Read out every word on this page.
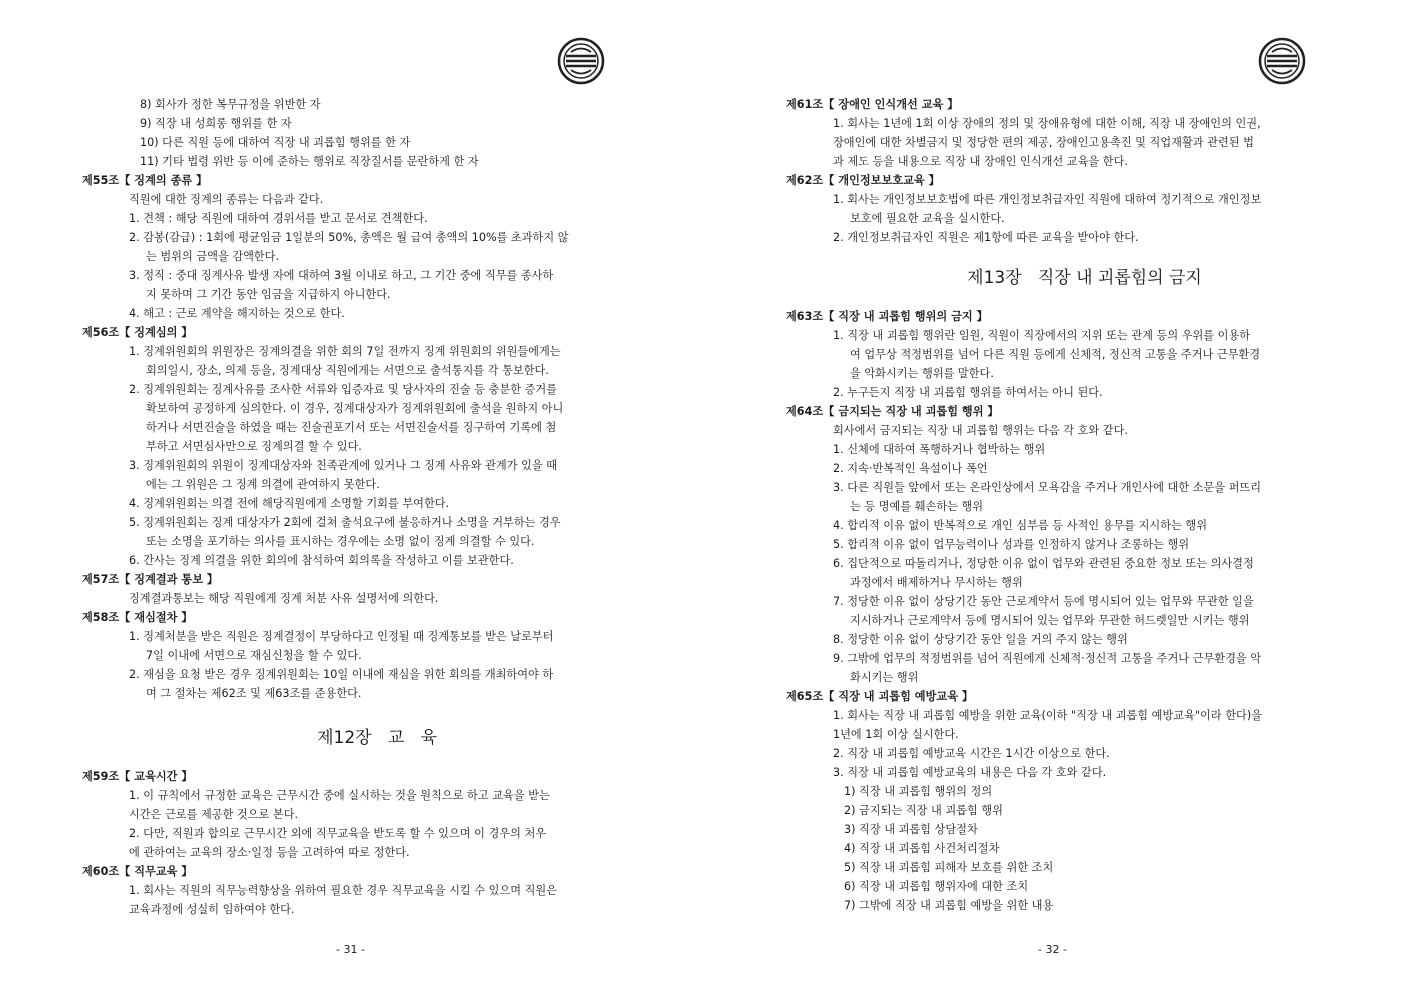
8) 회사가 정한 복무규정을 위반한 자
9) 직장 내 성희롱 행위를 한 자
10) 다른 직원 등에 대하여 직장 내 괴롭힘 행위를 한 자
11) 기타 법령 위반 등 이에 준하는 행위로 직장질서를 문란하게 한 자
제55조【 징계의 종류 】
직원에 대한 징계의 종류는 다음과 같다.
1. 견책 : 해당 직원에 대하여 경위서를 받고 문서로 견책한다.
2. 감봉(감급) : 1회에 평균임금 1일분의 50%, 총액은 월 급여 총액의 10%를 초과하지 않
는 범위의 금액을 감액한다.
3. 정직 : 중대 징계사유 발생 자에 대하여 3월 이내로 하고, 그 기간 중에 직무를 종사하
지 못하며 그 기간 동안 임금을 지급하지 아니한다.
4. 해고 : 근로 계약을 해지하는 것으로 한다.
제56조【 징계심의 】
1. 징계위원회의 위원장은 징계의결을 위한 회의 7일 전까지 징계 위원회의 위원들에게는
회의일시, 장소, 의제 등을, 징계대상 직원에게는 서면으로 출석통지를 각 통보한다.
2. 징계위원회는 징계사유를 조사한 서류와 입증자료 및 당사자의 진술 등 충분한 증거를
확보하여 공정하게 심의한다. 이 경우, 징계대상자가 징계위원회에 출석을 원하지 아니
하거나 서면진술을 하였을 때는 진술권포기서 또는 서면진술서를 징구하여 기록에 첨
부하고 서면심사만으로 징계의결 할 수 있다.
3. 징계위원회의 위원이 징계대상자와 친족관계에 있거나 그 징계 사유와 관계가 있을 때
에는 그 위원은 그 징계 의결에 관여하지 못한다.
4. 징계위원회는 의결 전에 해당직원에게 소명할 기회를 부여한다.
5. 징계위원회는 징계 대상자가 2회에 걸쳐 출석요구에 불응하거나 소명을 거부하는 경우
또는 소명을 포기하는 의사를 표시하는 경우에는 소명 없이 징계 의결할 수 있다.
6. 간사는 징계 의결을 위한 회의에 참석하여 회의록을 작성하고 이를 보관한다.
제57조【 징계결과 통보 】
징계결과통보는 해당 직원에게 징계 처분 사유 설명서에 의한다.
제58조【 재심절차 】
1. 징계처분을 받은 직원은 징계결정이 부당하다고 인정될 때 징계통보를 받은 날로부터
7일 이내에 서면으로 재심신청을 할 수 있다.
2. 재심을 요청 받은 경우 징계위원회는 10일 이내에 재심을 위한 회의를 개최하여야 하
며 그 절차는 제62조 및 제63조를 준용한다.
제12장   교   육
제59조【 교육시간 】
1. 이 규칙에서 규정한 교육은 근무시간 중에 실시하는 것을 원칙으로 하고 교육을 받는
시간은 근로를 제공한 것으로 본다.
2. 다만, 직원과 합의로 근무시간 외에 직무교육을 받도록 할 수 있으며 이 경우의 처우
에 관하여는 교육의 장소·일정 등을 고려하여 따로 정한다.
제60조【 직무교육 】
1. 회사는 직원의 직무능력향상을 위하여 필요한 경우 직무교육을 시킬 수 있으며 직원은
교육과정에 성실히 임하여야 한다.
- 31 -
제61조【 장애인 인식개선 교육 】
1. 회사는 1년에 1회 이상 장애의 정의 및 장애유형에 대한 이해, 직장 내 장애인의 인권,
장애인에 대한 차별금지 및 정당한 편의 제공, 장애인고용촉진 및 직업재활과 관련된 법
과 제도 등을 내용으로 직장 내 장애인 인식개선 교육을 한다.
제62조【 개인정보보호교육 】
1. 회사는 개인정보보호법에 따른 개인정보취급자인 직원에 대하여 정기적으로 개인정보
보호에 필요한 교육을 실시한다.
2. 개인정보취급자인 직원은 제1항에 따른 교육을 받아야 한다.
제13장   직장 내 괴롭힘의 금지
제63조【 직장 내 괴롭힘 행위의 금지 】
1. 직장 내 괴롭힘 행위란 임원, 직원이 직장에서의 지위 또는 관계 등의 우위를 이용하
여 업무상 적정범위를 넘어 다른 직원 등에게 신체적, 정신적 고통을 주거나 근무환경
을 악화시키는 행위를 말한다.
2. 누구든지 직장 내 괴롭힘 행위를 하여서는 아니 된다.
제64조【 금지되는 직장 내 괴롭힘 행위 】
회사에서 금지되는 직장 내 괴롭힘 행위는 다음 각 호와 같다.
1. 신체에 대하여 폭행하거나 협박하는 행위
2. 지속·반복적인 욕설이나 폭언
3. 다른 직원들 앞에서 또는 온라인상에서 모욕감을 주거나 개인사에 대한 소문을 퍼뜨리
는 등 명예를 훼손하는 행위
4. 합리적 이유 없이 반복적으로 개인 심부름 등 사적인 용무를 지시하는 행위
5. 합리적 이유 없이 업무능력이나 성과를 인정하지 않거나 조롱하는 행위
6. 집단적으로 따돌리거나, 정당한 이유 없이 업무와 관련된 중요한 정보 또는 의사결정
과정에서 배제하거나 무시하는 행위
7. 정당한 이유 없이 상당기간 동안 근로계약서 등에 명시되어 있는 업무와 무관한 일을
지시하거나 근로계약서 등에 명시되어 있는 업무와 무관한 허드렛일만 시키는 행위
8. 정당한 이유 없이 상당기간 동안 일을 거의 주지 않는 행위
9. 그밖에 업무의 적정범위를 넘어 직원에게 신체적·정신적 고통을 주거나 근무환경을 악
화시키는 행위
제65조【 직장 내 괴롭힘 예방교육 】
1. 회사는 직장 내 괴롭힘 예방을 위한 교육(이하 "직장 내 괴롭힘 예방교육"이라 한다)을
1년에 1회 이상 실시한다.
2. 직장 내 괴롭힘 예방교육 시간은 1시간 이상으로 한다.
3. 직장 내 괴롭힘 예방교육의 내용은 다음 각 호와 같다.
1) 직장 내 괴롭힘 행위의 정의
2) 금지되는 직장 내 괴롭힘 행위
3) 직장 내 괴롭힘 상담절차
4) 직장 내 괴롭힘 사건처리절차
5) 직장 내 괴롭힘 피해자 보호를 위한 조치
6) 직장 내 괴롭힘 행위자에 대한 조치
7) 그밖에 직장 내 괴롭힘 예방을 위한 내용
- 32 -
